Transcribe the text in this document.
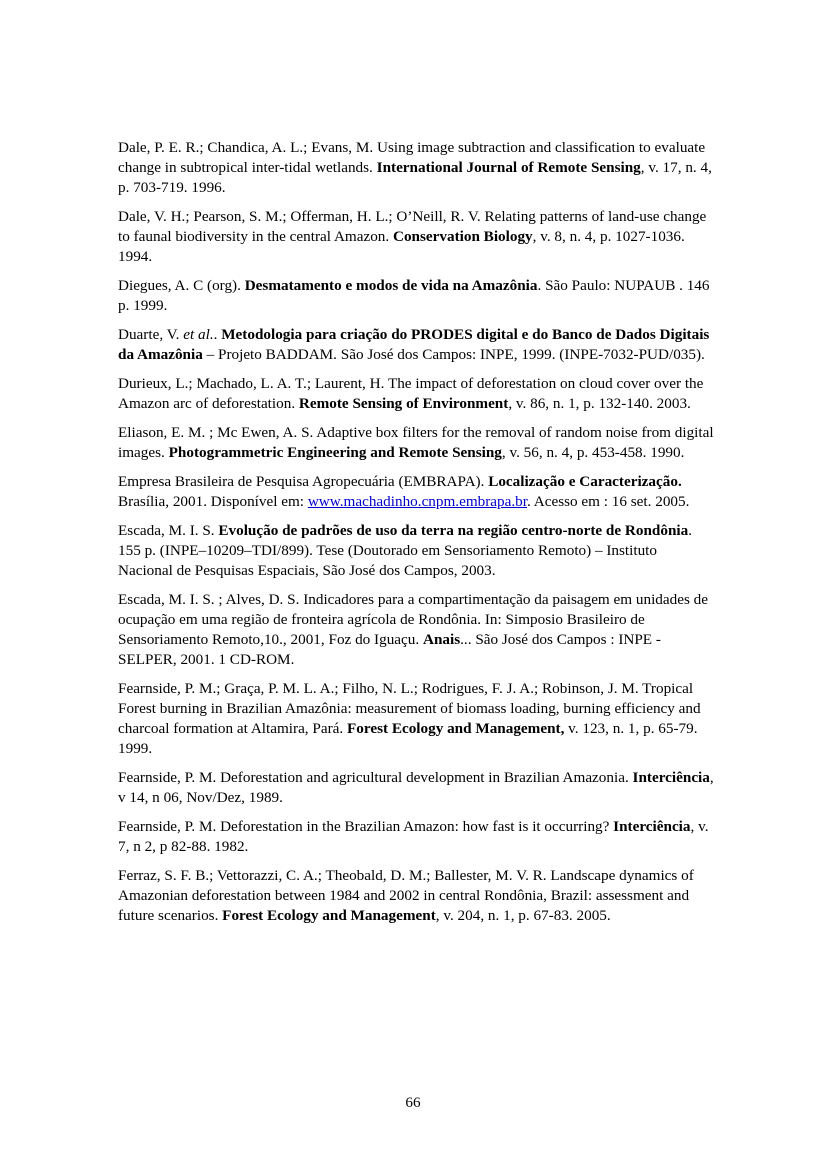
Dale, P. E. R.; Chandica, A. L.; Evans, M. Using image subtraction and classification to evaluate change in subtropical inter-tidal wetlands. International Journal of Remote Sensing, v. 17, n. 4, p. 703-719. 1996.

Dale, V. H.; Pearson, S. M.; Offerman, H. L.; O’Neill, R. V. Relating patterns of land-use change to faunal biodiversity in the central Amazon. Conservation Biology, v. 8, n. 4, p. 1027-1036. 1994.

Diegues, A. C (org). Desmatamento e modos de vida na Amazônia. São Paulo: NUPAUB . 146 p. 1999.

Duarte, V. et al.. Metodologia para criação do PRODES digital e do Banco de Dados Digitais da Amazônia – Projeto BADDAM. São José dos Campos: INPE, 1999. (INPE-7032-PUD/035).

Durieux, L.; Machado, L. A. T.; Laurent, H. The impact of deforestation on cloud cover over the Amazon arc of deforestation. Remote Sensing of Environment, v. 86, n. 1, p. 132-140. 2003.

Eliason, E. M. ; Mc Ewen, A. S. Adaptive box filters for the removal of random noise from digital images. Photogrammetric Engineering and Remote Sensing, v. 56, n. 4, p. 453-458. 1990.

Empresa Brasileira de Pesquisa Agropecuária (EMBRAPA). Localização e Caracterização. Brasília, 2001. Disponível em: www.machadinho.cnpm.embrapa.br. Acesso em : 16 set. 2005.

Escada, M. I. S. Evolução de padrões de uso da terra na região centro-norte de Rondônia. 155 p. (INPE–10209–TDI/899). Tese (Doutorado em Sensoriamento Remoto) – Instituto Nacional de Pesquisas Espaciais, São José dos Campos, 2003.

Escada, M. I. S. ; Alves, D. S. Indicadores para a compartimentação da paisagem em unidades de ocupação em uma região de fronteira agrícola de Rondônia. In: Simposio Brasileiro de Sensoriamento Remoto,10., 2001, Foz do Iguaçu. Anais... São José dos Campos : INPE - SELPER, 2001. 1 CD-ROM.

Fearnside, P. M.; Graça, P. M. L. A.; Filho, N. L.; Rodrigues, F. J. A.; Robinson, J. M. Tropical Forest burning in Brazilian Amazônia: measurement of biomass loading, burning efficiency and charcoal formation at Altamira, Pará. Forest Ecology and Management, v. 123, n. 1, p. 65-79. 1999.

Fearnside, P. M. Deforestation and agricultural development in Brazilian Amazonia. Interciência, v 14, n 06, Nov/Dez, 1989.

Fearnside, P. M. Deforestation in the Brazilian Amazon: how fast is it occurring? Interciência, v. 7, n 2, p 82-88. 1982.

Ferraz, S. F. B.; Vettorazzi, C. A.; Theobald, D. M.; Ballester, M. V. R. Landscape dynamics of Amazonian deforestation between 1984 and 2002 in central Rondônia, Brazil: assessment and future scenarios. Forest Ecology and Management, v. 204, n. 1, p. 67-83. 2005.

66
